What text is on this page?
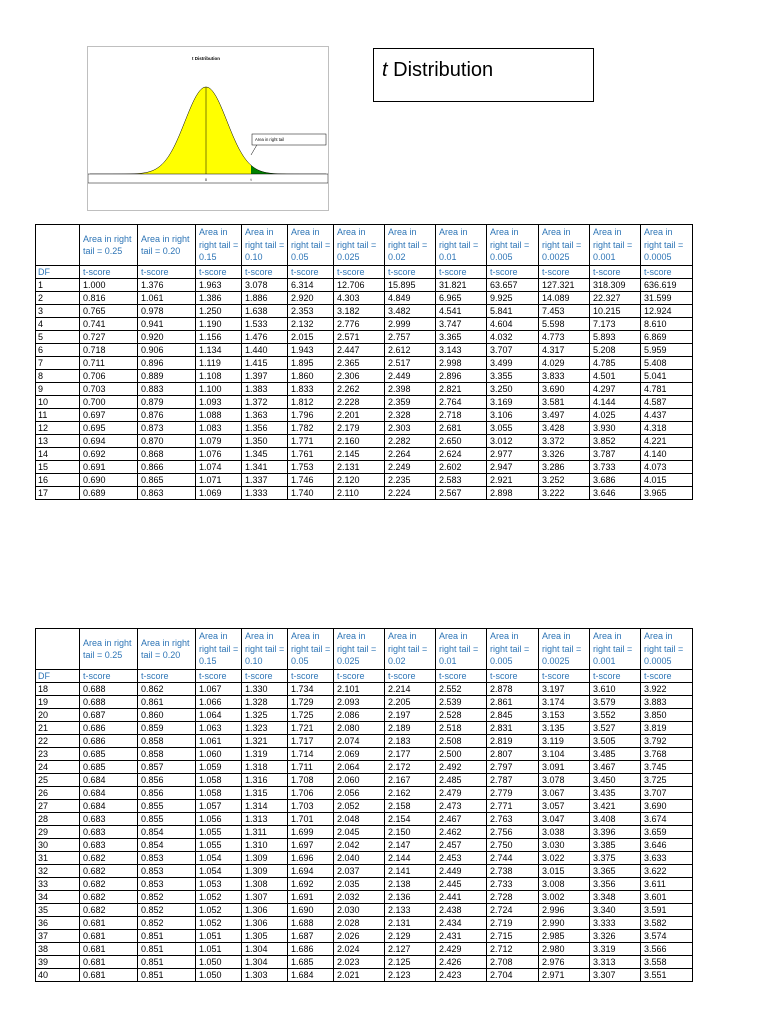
t Distribution
Area in right tail
0	t
t Distribution
	Area in right tail = 0.25	Area in right tail = 0.20	Area in right tail = 0.15	Area in right tail = 0.10	Area in right tail = 0.05	Area in right tail = 0.025	Area in right tail = 0.02	Area in right tail = 0.01	Area in right tail = 0.005	Area in right tail = 0.0025	Area in right tail = 0.001	Area in right tail = 0.0005
DF	t-score	t-score	t-score	t-score	t-score	t-score	t-score	t-score	t-score	t-score	t-score	t-score
1	1.000	1.376	1.963	3.078	6.314	12.706	15.895	31.821	63.657	127.321	318.309	636.619
2	0.816	1.061	1.386	1.886	2.920	4.303	4.849	6.965	9.925	14.089	22.327	31.599
3	0.765	0.978	1.250	1.638	2.353	3.182	3.482	4.541	5.841	7.453	10.215	12.924
4	0.741	0.941	1.190	1.533	2.132	2.776	2.999	3.747	4.604	5.598	7.173	8.610
5	0.727	0.920	1.156	1.476	2.015	2.571	2.757	3.365	4.032	4.773	5.893	6.869
6	0.718	0.906	1.134	1.440	1.943	2.447	2.612	3.143	3.707	4.317	5.208	5.959
7	0.711	0.896	1.119	1.415	1.895	2.365	2.517	2.998	3.499	4.029	4.785	5.408
8	0.706	0.889	1.108	1.397	1.860	2.306	2.449	2.896	3.355	3.833	4.501	5.041
9	0.703	0.883	1.100	1.383	1.833	2.262	2.398	2.821	3.250	3.690	4.297	4.781
10	0.700	0.879	1.093	1.372	1.812	2.228	2.359	2.764	3.169	3.581	4.144	4.587
11	0.697	0.876	1.088	1.363	1.796	2.201	2.328	2.718	3.106	3.497	4.025	4.437
12	0.695	0.873	1.083	1.356	1.782	2.179	2.303	2.681	3.055	3.428	3.930	4.318
13	0.694	0.870	1.079	1.350	1.771	2.160	2.282	2.650	3.012	3.372	3.852	4.221
14	0.692	0.868	1.076	1.345	1.761	2.145	2.264	2.624	2.977	3.326	3.787	4.140
15	0.691	0.866	1.074	1.341	1.753	2.131	2.249	2.602	2.947	3.286	3.733	4.073
16	0.690	0.865	1.071	1.337	1.746	2.120	2.235	2.583	2.921	3.252	3.686	4.015
17	0.689	0.863	1.069	1.333	1.740	2.110	2.224	2.567	2.898	3.222	3.646	3.965
	Area in right tail = 0.25	Area in right tail = 0.20	Area in right tail = 0.15	Area in right tail = 0.10	Area in right tail = 0.05	Area in right tail = 0.025	Area in right tail = 0.02	Area in right tail = 0.01	Area in right tail = 0.005	Area in right tail = 0.0025	Area in right tail = 0.001	Area in right tail = 0.0005
DF	t-score	t-score	t-score	t-score	t-score	t-score	t-score	t-score	t-score	t-score	t-score	t-score
18	0.688	0.862	1.067	1.330	1.734	2.101	2.214	2.552	2.878	3.197	3.610	3.922
19	0.688	0.861	1.066	1.328	1.729	2.093	2.205	2.539	2.861	3.174	3.579	3.883
20	0.687	0.860	1.064	1.325	1.725	2.086	2.197	2.528	2.845	3.153	3.552	3.850
21	0.686	0.859	1.063	1.323	1.721	2.080	2.189	2.518	2.831	3.135	3.527	3.819
22	0.686	0.858	1.061	1.321	1.717	2.074	2.183	2.508	2.819	3.119	3.505	3.792
23	0.685	0.858	1.060	1.319	1.714	2.069	2.177	2.500	2.807	3.104	3.485	3.768
24	0.685	0.857	1.059	1.318	1.711	2.064	2.172	2.492	2.797	3.091	3.467	3.745
25	0.684	0.856	1.058	1.316	1.708	2.060	2.167	2.485	2.787	3.078	3.450	3.725
26	0.684	0.856	1.058	1.315	1.706	2.056	2.162	2.479	2.779	3.067	3.435	3.707
27	0.684	0.855	1.057	1.314	1.703	2.052	2.158	2.473	2.771	3.057	3.421	3.690
28	0.683	0.855	1.056	1.313	1.701	2.048	2.154	2.467	2.763	3.047	3.408	3.674
29	0.683	0.854	1.055	1.311	1.699	2.045	2.150	2.462	2.756	3.038	3.396	3.659
30	0.683	0.854	1.055	1.310	1.697	2.042	2.147	2.457	2.750	3.030	3.385	3.646
31	0.682	0.853	1.054	1.309	1.696	2.040	2.144	2.453	2.744	3.022	3.375	3.633
32	0.682	0.853	1.054	1.309	1.694	2.037	2.141	2.449	2.738	3.015	3.365	3.622
33	0.682	0.853	1.053	1.308	1.692	2.035	2.138	2.445	2.733	3.008	3.356	3.611
34	0.682	0.852	1.052	1.307	1.691	2.032	2.136	2.441	2.728	3.002	3.348	3.601
35	0.682	0.852	1.052	1.306	1.690	2.030	2.133	2.438	2.724	2.996	3.340	3.591
36	0.681	0.852	1.052	1.306	1.688	2.028	2.131	2.434	2.719	2.990	3.333	3.582
37	0.681	0.851	1.051	1.305	1.687	2.026	2.129	2.431	2.715	2.985	3.326	3.574
38	0.681	0.851	1.051	1.304	1.686	2.024	2.127	2.429	2.712	2.980	3.319	3.566
39	0.681	0.851	1.050	1.304	1.685	2.023	2.125	2.426	2.708	2.976	3.313	3.558
40	0.681	0.851	1.050	1.303	1.684	2.021	2.123	2.423	2.704	2.971	3.307	3.551
